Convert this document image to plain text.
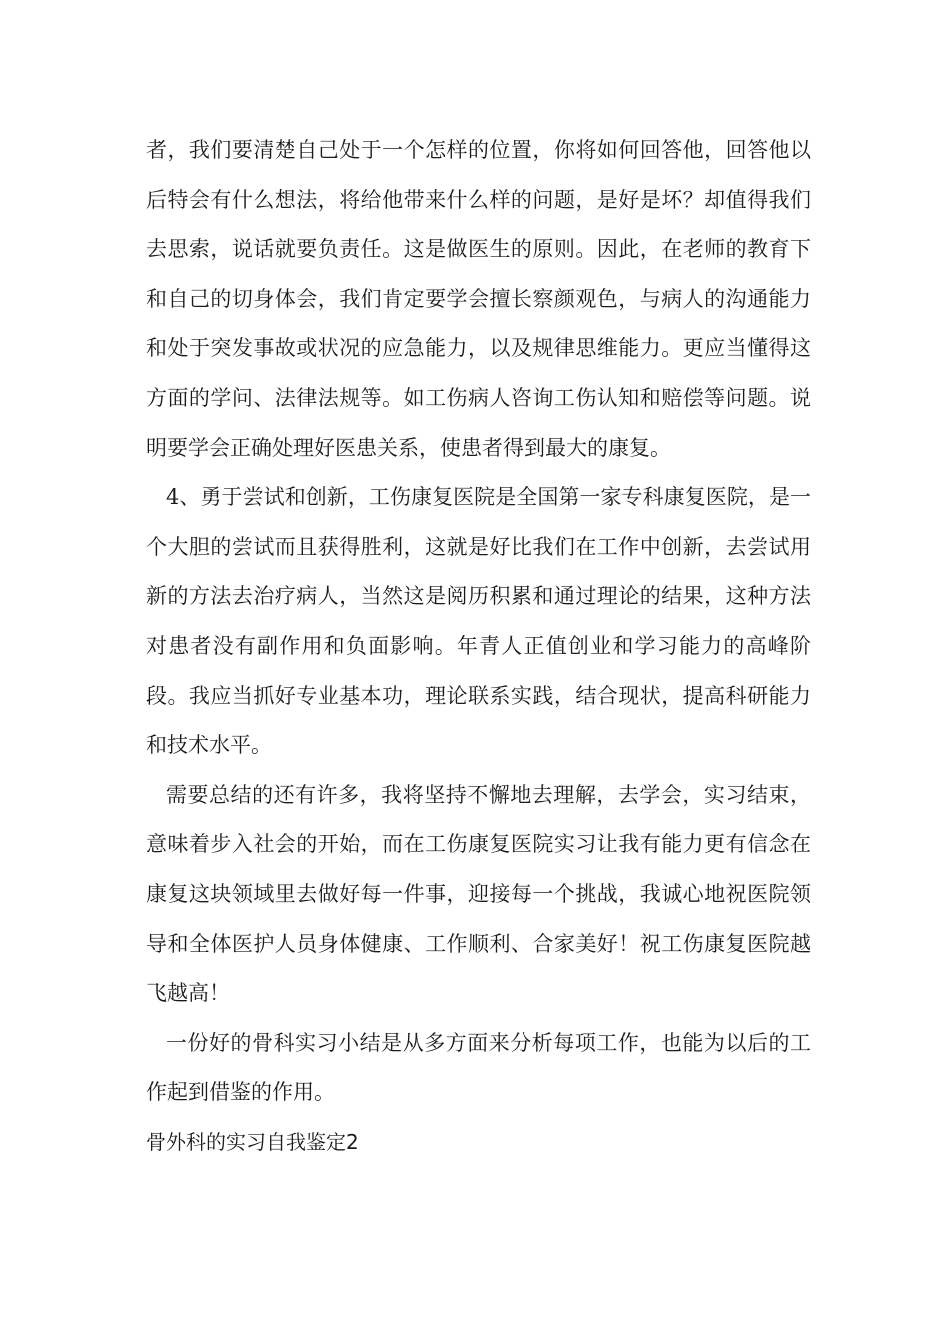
者，我们要清楚自己处于一个怎样的位置，你将如何回答他，回答他以后特会有什么想法，将给他带来什么样的问题，是好是坏？却值得我们去思索，说话就要负责任。这是做医生的原则。因此，在老师的教育下和自己的切身体会，我们肯定要学会擅长察颜观色，与病人的沟通能力和处于突发事故或状况的应急能力，以及规律思维能力。更应当懂得这方面的学问、法律法规等。如工伤病人咨询工伤认知和赔偿等问题。说明要学会正确处理好医患关系，使患者得到最大的康复。

4、勇于尝试和创新，工伤康复医院是全国第一家专科康复医院，是一个大胆的尝试而且获得胜利，这就是好比我们在工作中创新，去尝试用新的方法去治疗病人，当然这是阅历积累和通过理论的结果，这种方法对患者没有副作用和负面影响。年青人正值创业和学习能力的高峰阶段。我应当抓好专业基本功，理论联系实践，结合现状，提高科研能力和技术水平。

需要总结的还有许多，我将坚持不懈地去理解，去学会，实习结束，意味着步入社会的开始，而在工伤康复医院实习让我有能力更有信念在康复这块领域里去做好每一件事，迎接每一个挑战，我诚心地祝医院领导和全体医护人员身体健康、工作顺利、合家美好！祝工伤康复医院越飞越高！

一份好的骨科实习小结是从多方面来分析每项工作，也能为以后的工作起到借鉴的作用。

骨外科的实习自我鉴定2
